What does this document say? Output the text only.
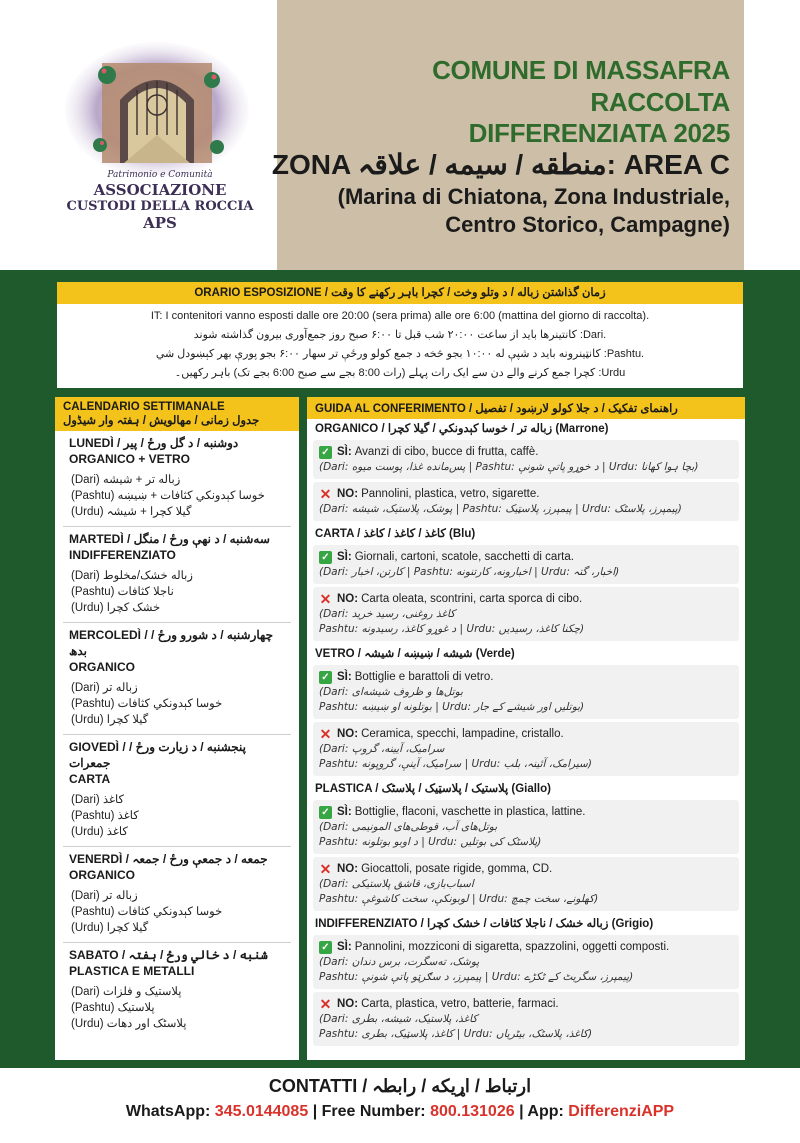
Patrimonio e Comunità
ASSOCIAZIONE
CUSTODI DELLA ROCCIA
APS
COMUNE DI MASSAFRA
RACCOLTA
DIFFERENZIATA 2025
ZONA منطقه / سیمه / علاقہ: AREA C
(Marina di Chiatona, Zona Industriale,
Centro Storico, Campagne)
ORARIO ESPOSIZIONE / زمان گذاشتن زباله / د وتلو وخت / کچرا باہر رکھنے کا وقت
IT: I contenitori vanno esposti dalle ore 20:00 (sera prima) alle ore 6:00 (mattina del giorno di raccolta).
کانتینرها باید از ساعت ۲۰:۰۰ شب قبل تا ۶:۰۰ صبح روز جمع‌آوری بیرون گذاشته شوند :Dari.
کانټینرونه باید د شپې له ۱۰:۰۰ بجو څخه د جمع کولو ورځې تر سهار ۶:۰۰ بجو پورې بهر کېښودل شي :Pashtu.
کچرا جمع کرنے والے دن سے ایک رات پہلے (رات 8:00 بجے سے صبح 6:00 بجے تک) باہر رکھیں۔ :Urdu
CALENDARIO SETTIMANALE
جدول زمانی / مهالویش / ہفتہ وار شیڈول
LUNEDÌ / دوشنبه / د گل ورځ / پیر
ORGANICO + VETRO
(Dari) زباله تر + شیشه
(Pashtu) خوسا کېدونکي کثافات + ښیښه
(Urdu) گیلا کچرا + شیشہ
MARTEDÌ / سه‌شنبه / د نهې ورځ / منگل
INDIFFERENZIATO
(Dari) زباله خشک/مخلوط
(Pashtu) ناجلا کثافات
(Urdu) خشک کچرا
MERCOLEDÌ / چهارشنبه / د شورو ورځ / بدھ
ORGANICO
(Dari) زباله تر
(Pashtu) خوسا کېدونکي کثافات
(Urdu) گیلا کچرا
GIOVEDÌ / پنجشنبه / د زیارت ورځ / جمعرات
CARTA
(Dari) کاغذ
(Pashtu) کاغذ
(Urdu) کاغذ
VENERDÌ / جمعه / د جمعې ورځ / جمعہ
ORGANICO
(Dari) زباله تر
(Pashtu) خوسا کېدونکي کثافات
(Urdu) گیلا کچرا
SABATO / شنبه / د خالي ورځ / ہفتہ
PLASTICA E METALLI
(Dari) پلاستیک و فلزات
(Pashtu) پلاستیک
(Urdu) پلاسٹک اور دھات
GUIDA AL CONFERIMENTO / راهنمای تفکیک / د جلا کولو لارښود / تفصیل
ORGANICO / زباله تر / خوسا کېدونکي / گیلا کچرا (Marrone)
✓ SÌ: Avanzi di cibo, bucce di frutta, caffè.
(Dari: پس‌مانده غذا، پوست میوه | Pashtu: د خوړو پاتې شونې | Urdu: بچا ہوا کھانا)
✕ NO: Pannolini, plastica, vetro, sigarette.
(Dari: پوشک، پلاستیک، شیشه | Pashtu: پیمپرز، پلاسټیک | Urdu: پیمپرز، پلاسٹک)
CARTA / کاغذ / کاغذ / کاغذ (Blu)
✓ SÌ: Giornali, cartoni, scatole, sacchetti di carta.
(Dari: کارتن، اخبار | Pashtu: اخبارونه، کارتنونه | Urdu: اخبار، گتہ)
✕ NO: Carta oleata, scontrini, carta sporca di cibo.
(Dari: کاغذ روغنی، رسید خرید
Pashtu: د غوړو کاغذ، رسیدونه | Urdu: چکنا کاغذ، رسیدیں)
VETRO / شیشه / ښیښه / شیشہ (Verde)
✓ SÌ: Bottiglie e barattoli di vetro.
(Dari: بوتل‌ها و ظروف شیشه‌ای
Pashtu: بوتلونه او ښیښه | Urdu: بوتلیں اور شیشے کے جار)
✕ NO: Ceramica, specchi, lampadine, cristallo.
(Dari: سرامیک، آیینه، گروپ
Pashtu: سرامیک، آینې، گروپونه | Urdu: سیرامک، آئینہ، بلب)
PLASTICA / پلاستیک / پلاسټیک / پلاسٹک (Giallo)
✓ SÌ: Bottiglie, flaconi, vaschette in plastica, lattine.
(Dari: بوتل‌های آب، قوطی‌های المونیمی
Pashtu: د اوبو بوتلونه | Urdu: پلاسٹک کی بوتلیں)
✕ NO: Giocattoli, posate rigide, gomma, CD.
(Dari: اسباب‌بازی، قاشق پلاستیکی
Pashtu: لوبونکې، سخت کاشوغې | Urdu: کھلونے، سخت چمچ)
INDIFFERENZIATO / زباله خشک / ناجلا کثافات / خشک کچرا (Grigio)
✓ SÌ: Pannolini, mozziconi di sigaretta, spazzolini, oggetti composti.
(Dari: پوشک، ته‌سگرت، برس دندان
Pashtu: پیمپرز، د سګرټو پاتې شونې | Urdu: پیمپرز، سگریٹ کے ٹکڑے)
✕ NO: Carta, plastica, vetro, batterie, farmaci.
(Dari: کاغذ، پلاستیک، شیشه، بطری
Pashtu: کاغذ، پلاسټیک، بطری | Urdu: کاغذ، پلاسٹک، بیٹریاں)
CONTATTI / ارتباط / اړیکه / رابطہ
WhatsApp: 345.0144085 | Free Number: 800.131026 | App: DifferenziAPP
